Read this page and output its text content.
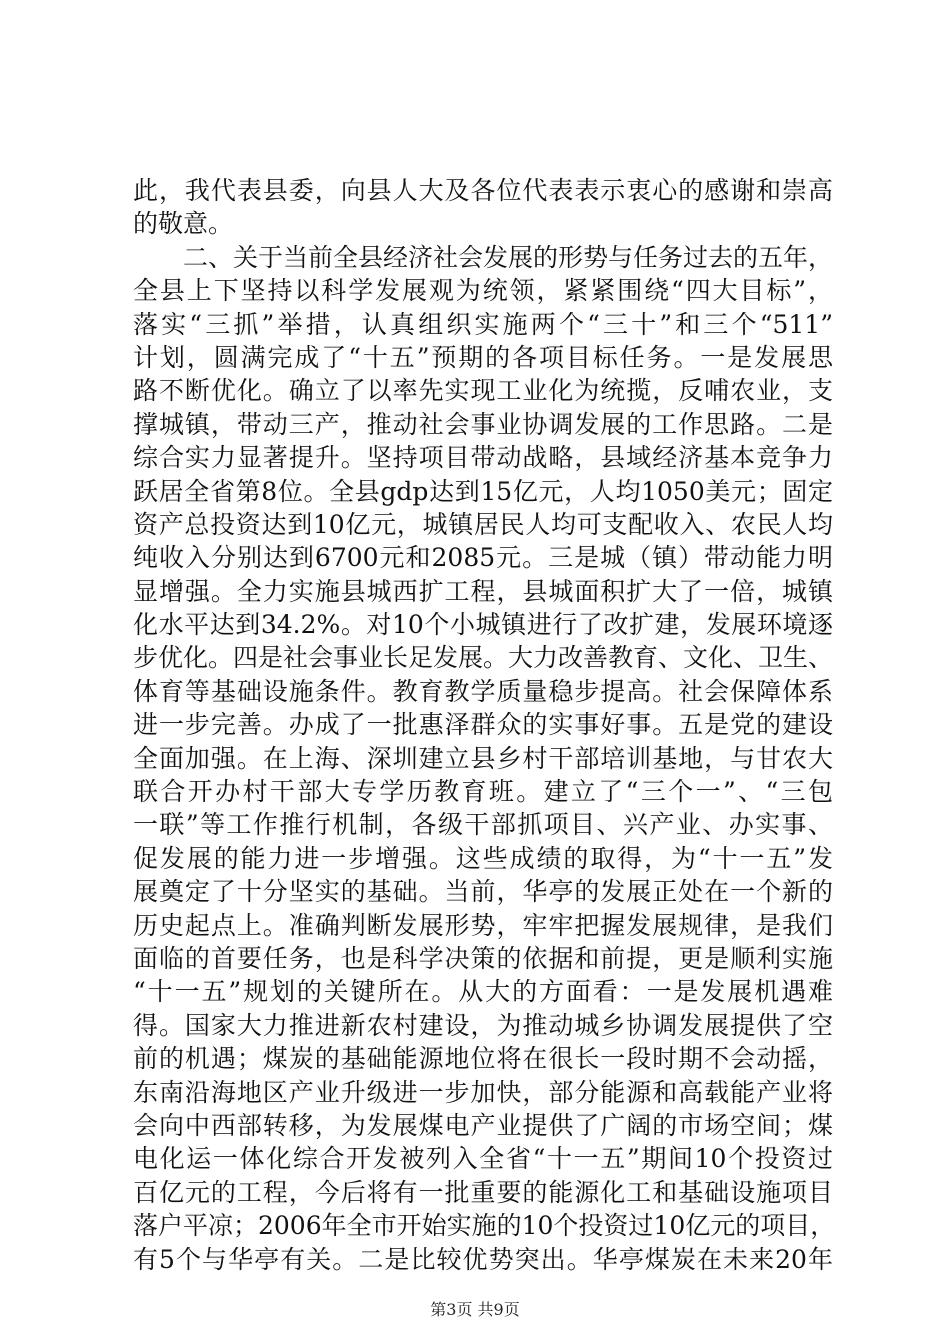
此，我代表县委，向县人大及各位代表表示衷心的感谢和崇高
的敬意。
二、关于当前全县经济社会发展的形势与任务过去的五年，
全县上下坚持以科学发展观为统领，紧紧围绕“四大目标”，
落实“三抓”举措，认真组织实施两个“三十”和三个“511”
计划，圆满完成了“十五”预期的各项目标任务。一是发展思
路不断优化。确立了以率先实现工业化为统揽，反哺农业，支
撑城镇，带动三产，推动社会事业协调发展的工作思路。二是
综合实力显著提升。坚持项目带动战略，县域经济基本竞争力
跃居全省第8位。全县gdp达到15亿元，人均1050美元；固定
资产总投资达到10亿元，城镇居民人均可支配收入、农民人均
纯收入分别达到6700元和2085元。三是城（镇）带动能力明
显增强。全力实施县城西扩工程，县城面积扩大了一倍，城镇
化水平达到34.2%。对10个小城镇进行了改扩建，发展环境逐
步优化。四是社会事业长足发展。大力改善教育、文化、卫生、
体育等基础设施条件。教育教学质量稳步提高。社会保障体系
进一步完善。办成了一批惠泽群众的实事好事。五是党的建设
全面加强。在上海、深圳建立县乡村干部培训基地，与甘农大
联合开办村干部大专学历教育班。建立了“三个一”、“三包
一联”等工作推行机制，各级干部抓项目、兴产业、办实事、
促发展的能力进一步增强。这些成绩的取得，为“十一五”发
展奠定了十分坚实的基础。当前，华亭的发展正处在一个新的
历史起点上。准确判断发展形势，牢牢把握发展规律，是我们
面临的首要任务，也是科学决策的依据和前提，更是顺利实施
“十一五”规划的关键所在。从大的方面看：一是发展机遇难
得。国家大力推进新农村建设，为推动城乡协调发展提供了空
前的机遇；煤炭的基础能源地位将在很长一段时期不会动摇，
东南沿海地区产业升级进一步加快，部分能源和高载能产业将
会向中西部转移，为发展煤电产业提供了广阔的市场空间；煤
电化运一体化综合开发被列入全省“十一五”期间10个投资过
百亿元的工程，今后将有一批重要的能源化工和基础设施项目
落户平凉；2006年全市开始实施的10个投资过10亿元的项目，
有5个与华亭有关。二是比较优势突出。华亭煤炭在未来20年
第3页 共9页
